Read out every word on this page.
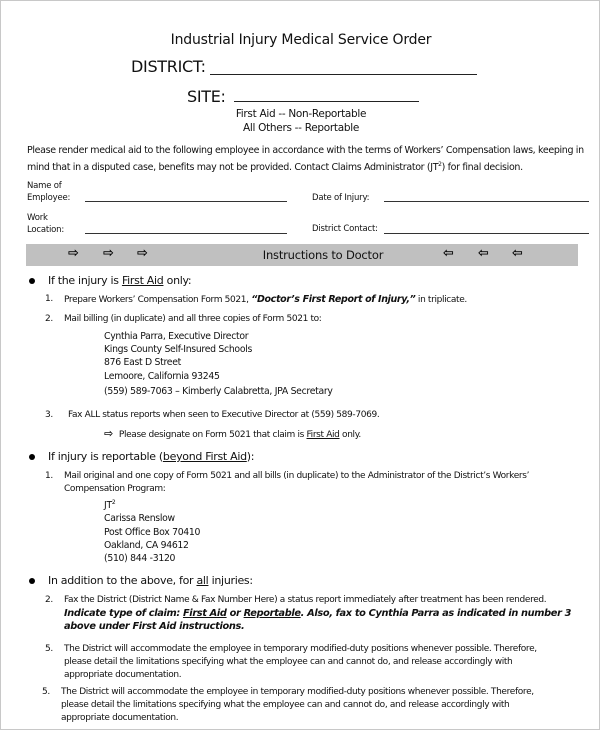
Industrial Injury Medical Service Order
DISTRICT:
SITE:
First Aid -- Non-Reportable
All Others -- Reportable
Please render medical aid to the following employee in accordance with the terms of Workers’ Compensation laws, keeping in mind that in a disputed case, benefits may not be provided. Contact Claims Administrator $(JT^2)$ for final decision.
Name of
Employee:	Date of Injury:
Work
Location:	District Contact:
⇨ ⇨ ⇨	Instructions to Doctor	⇦ ⇦ ⇦
If the injury is First Aid only:
1. Prepare Workers’ Compensation Form 5021, “Doctor’s First Report of Injury,” in triplicate.
2. Mail billing (in duplicate) and all three copies of Form 5021 to:
Cynthia Parra, Executive Director
Kings County Self-Insured Schools
876 East D Street
Lemoore, California 93245
(559) 589-7063 – Kimberly Calabretta, JPA Secretary
3. Fax ALL status reports when seen to Executive Director at (559) 589-7069.
⇨ Please designate on Form 5021 that claim is First Aid only.
If injury is reportable (beyond First Aid):
1. Mail original and one copy of Form 5021 and all bills (in duplicate) to the Administrator of the District’s Workers’
Compensation Program:
$JT^2$
Carissa Renslow
Post Office Box 70410
Oakland, CA 94612
(510) 844 -3120
In addition to the above, for all injuries:
2. Fax the District (District Name & Fax Number Here) a status report immediately after treatment has been rendered.
Indicate type of claim: First Aid or Reportable. Also, fax to Cynthia Parra as indicated in number 3
above under First Aid instructions.
5. The District will accommodate the employee in temporary modified-duty positions whenever possible. Therefore,
please detail the limitations specifying what the employee can and cannot do, and release accordingly with
appropriate documentation.
5. The District will accommodate the employee in temporary modified-duty positions whenever possible. Therefore,
please detail the limitations specifying what the employee can and cannot do, and release accordingly with
appropriate documentation.
